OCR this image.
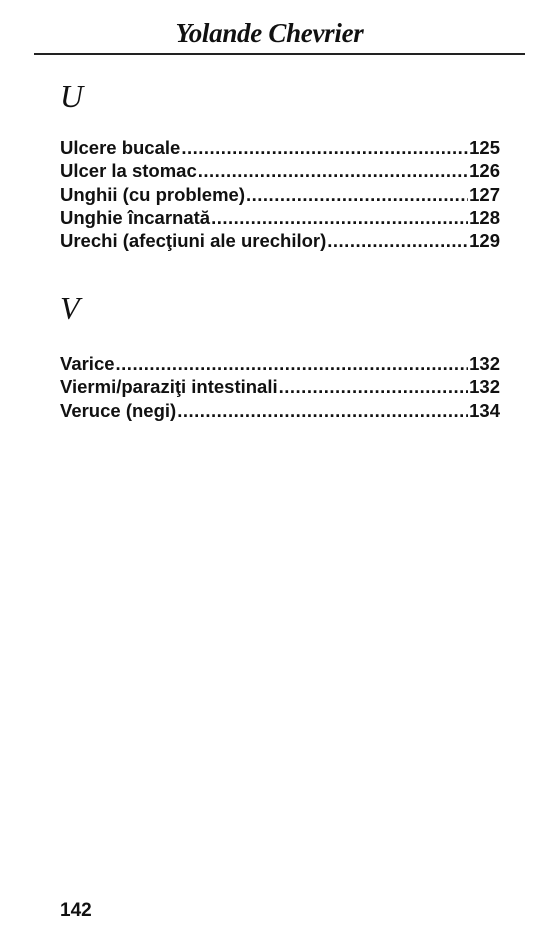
Yolande Chevrier
U
Ulcere bucale .....	125
Ulcer la stomac .....	126
Unghii (cu probleme) .....	127
Unghie încarnată .....	128
Urechi (afecţiuni ale urechilor) .....	129
V
Varice .....	132
Viermi/paraziţi intestinali .....	132
Veruce (negi) .....	134
142
